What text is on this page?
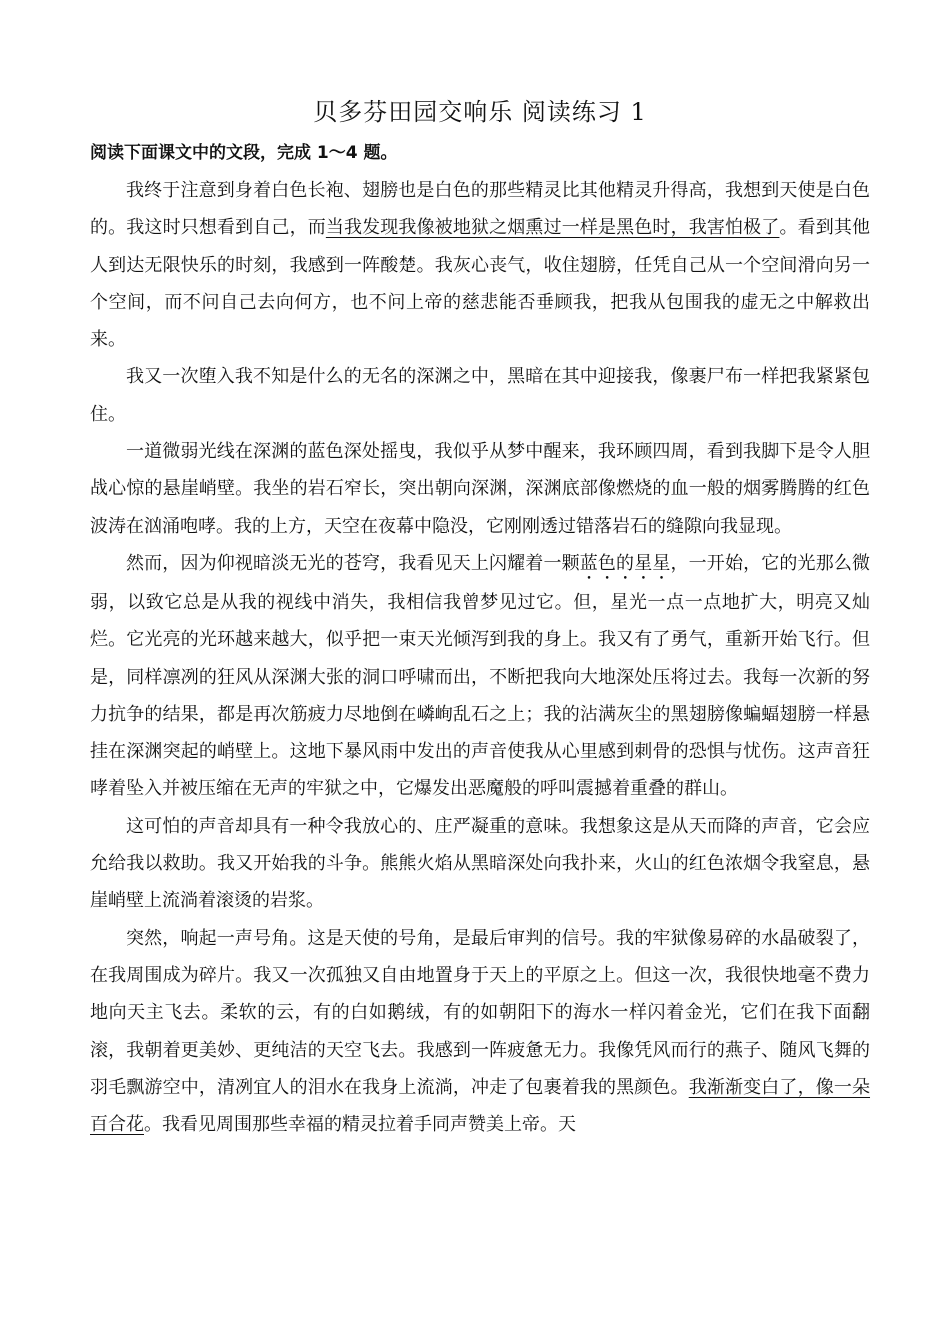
贝多芬田园交响乐 阅读练习 1
阅读下面课文中的文段，完成 1～4 题。

我终于注意到身着白色长袍、翅膀也是白色的那些精灵比其他精灵升得高，我想到天使是白色的。我这时只想看到自己，而当我发现我像被地狱之烟熏过一样是黑色时，我害怕极了。看到其他人到达无限快乐的时刻，我感到一阵酸楚。我灰心丧气，收住翅膀，任凭自己从一个空间滑向另一个空间，而不问自己去向何方，也不问上帝的慈悲能否垂顾我，把我从包围我的虚无之中解救出来。

我又一次堕入我不知是什么的无名的深渊之中，黑暗在其中迎接我，像裹尸布一样把我紧紧包住。

一道微弱光线在深渊的蓝色深处摇曳，我似乎从梦中醒来，我环顾四周，看到我脚下是令人胆战心惊的悬崖峭壁。我坐的岩石窄长，突出朝向深渊，深渊底部像燃烧的血一般的烟雾腾腾的红色波涛在汹涌咆哮。我的上方，天空在夜幕中隐没，它刚刚透过错落岩石的缝隙向我显现。

然而，因为仰视暗淡无光的苍穹，我看见天上闪耀着一颗蓝色的星星，一开始，它的光那么微弱，以致它总是从我的视线中消失，我相信我曾梦见过它。但，星光一点一点地扩大，明亮又灿烂。它光亮的光环越来越大，似乎把一束天光倾泻到我的身上。我又有了勇气，重新开始飞行。但是，同样凛冽的狂风从深渊大张的洞口呼啸而出，不断把我向大地深处压将过去。我每一次新的努力抗争的结果，都是再次筋疲力尽地倒在嶙峋乱石之上；我的沾满灰尘的黑翅膀像蝙蝠翅膀一样悬挂在深渊突起的峭壁上。这地下暴风雨中发出的声音使我从心里感到刺骨的恐惧与忧伤。这声音狂哮着坠入并被压缩在无声的牢狱之中，它爆发出恶魔般的呼叫震撼着重叠的群山。

这可怕的声音却具有一种令我放心的、庄严凝重的意味。我想象这是从天而降的声音，它会应允给我以救助。我又开始我的斗争。熊熊火焰从黑暗深处向我扑来，火山的红色浓烟令我窒息，悬崖峭壁上流淌着滚烫的岩浆。

突然，响起一声号角。这是天使的号角，是最后审判的信号。我的牢狱像易碎的水晶破裂了，在我周围成为碎片。我又一次孤独又自由地置身于天上的平原之上。但这一次，我很快地毫不费力地向天主飞去。柔软的云，有的白如鹅绒，有的如朝阳下的海水一样闪着金光，它们在我下面翻滚，我朝着更美妙、更纯洁的天空飞去。我感到一阵疲惫无力。我像凭风而行的燕子、随风飞舞的羽毛飘游空中，清冽宜人的泪水在我身上流淌，冲走了包裹着我的黑颜色。我渐渐变白了，像一朵百合花。我看见周围那些幸福的精灵拉着手同声赞美上帝。天
